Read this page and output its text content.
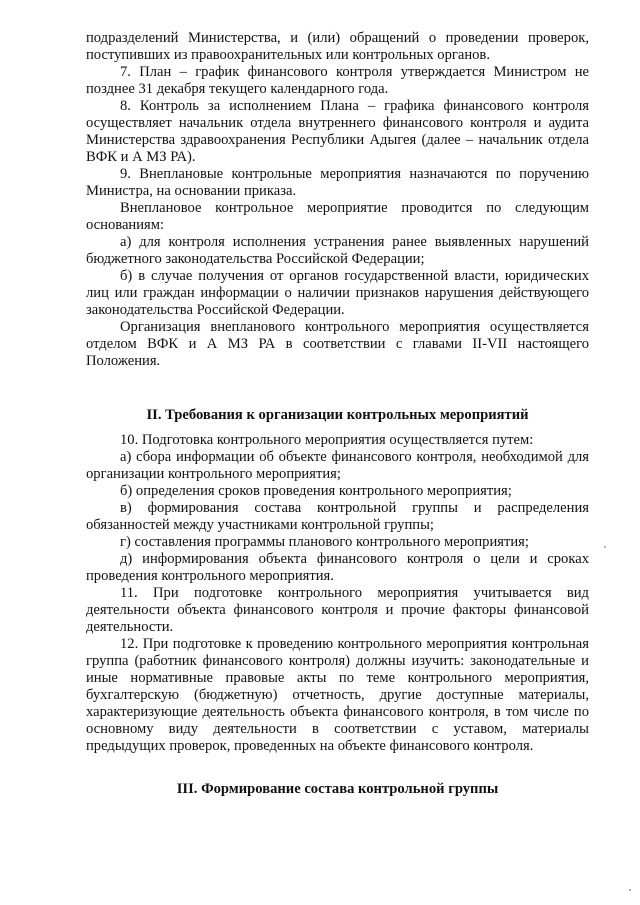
подразделений Министерства, и (или) обращений о проведении проверок, поступивших из правоохранительных или контрольных органов.

7. План – график финансового контроля утверждается Министром не позднее 31 декабря текущего календарного года.

8. Контроль за исполнением Плана – графика финансового контроля осуществляет начальник отдела внутреннего финансового контроля и аудита Министерства здравоохранения Республики Адыгея (далее – начальник отдела ВФК и А МЗ РА).

9. Внеплановые контрольные мероприятия назначаются по поручению Министра, на основании приказа.

Внеплановое контрольное мероприятие проводится по следующим основаниям:

а) для контроля исполнения устранения ранее выявленных нарушений бюджетного законодательства Российской Федерации;

б) в случае получения от органов государственной власти, юридических лиц или граждан информации о наличии признаков нарушения действующего законодательства Российской Федерации.

Организация внепланового контрольного мероприятия осуществляется отделом ВФК и А МЗ РА в соответствии с главами II-VII настоящего Положения.

II. Требования к организации контрольных мероприятий

10. Подготовка контрольного мероприятия осуществляется путем:

а) сбора информации об объекте финансового контроля, необходимой для организации контрольного мероприятия;

б) определения сроков проведения контрольного мероприятия;

в) формирования состава контрольной группы и распределения обязанностей между участниками контрольной группы;

г) составления программы планового контрольного мероприятия;

д) информирования объекта финансового контроля о цели и сроках проведения контрольного мероприятия.

11. При подготовке контрольного мероприятия учитывается вид деятельности объекта финансового контроля и прочие факторы финансовой деятельности.

12. При подготовке к проведению контрольного мероприятия контрольная группа (работник финансового контроля) должны изучить: законодательные и иные нормативные правовые акты по теме контрольного мероприятия, бухгалтерскую (бюджетную) отчетность, другие доступные материалы, характеризующие деятельность объекта финансового контроля, в том числе по основному виду деятельности в соответствии с уставом, материалы предыдущих проверок, проведенных на объекте финансового контроля.

III. Формирование состава контрольной группы
